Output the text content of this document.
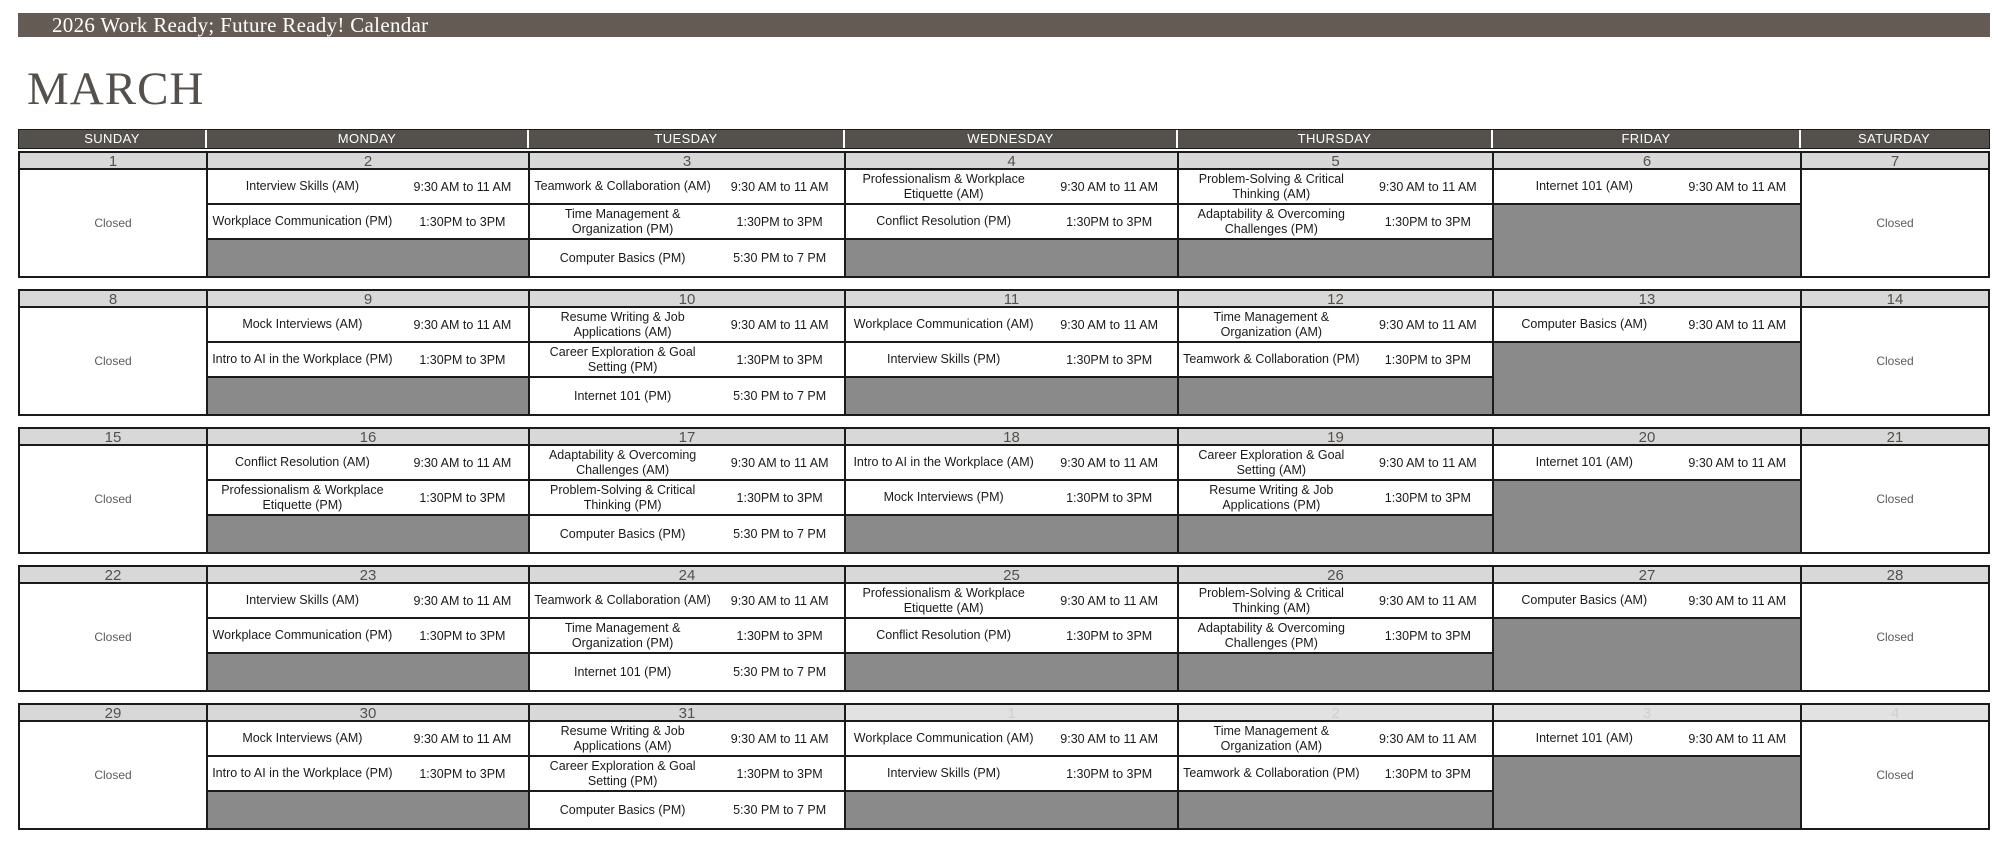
2026 Work Ready; Future Ready! Calendar
MARCH
SUNDAY	MONDAY	TUESDAY	WEDNESDAY	THURSDAY	FRIDAY	SATURDAY
1
Closed
2
Interview Skills (AM)	9:30 AM to 11 AM
Workplace Communication (PM)	1:30PM to 3PM
3
Teamwork & Collaboration (AM)	9:30 AM to 11 AM
Time Management & Organization (PM)	1:30PM to 3PM
Computer Basics (PM)	5:30 PM to 7 PM
4
Professionalism & Workplace Etiquette (AM)	9:30 AM to 11 AM
Conflict Resolution (PM)	1:30PM to 3PM
5
Problem-Solving & Critical Thinking (AM)	9:30 AM to 11 AM
Adaptability & Overcoming Challenges (PM)	1:30PM to 3PM
6
Internet 101 (AM)	9:30 AM to 11 AM
7
Closed
8
Closed
9
Mock Interviews (AM)	9:30 AM to 11 AM
Intro to AI in the Workplace (PM)	1:30PM to 3PM
10
Resume Writing & Job Applications (AM)	9:30 AM to 11 AM
Career Exploration & Goal Setting (PM)	1:30PM to 3PM
Internet 101 (PM)	5:30 PM to 7 PM
11
Workplace Communication (AM)	9:30 AM to 11 AM
Interview Skills (PM)	1:30PM to 3PM
12
Time Management & Organization (AM)	9:30 AM to 11 AM
Teamwork & Collaboration (PM)	1:30PM to 3PM
13
Computer Basics (AM)	9:30 AM to 11 AM
14
Closed
15
Closed
16
Conflict Resolution (AM)	9:30 AM to 11 AM
Professionalism & Workplace Etiquette (PM)	1:30PM to 3PM
17
Adaptability & Overcoming Challenges (AM)	9:30 AM to 11 AM
Problem-Solving & Critical Thinking (PM)	1:30PM to 3PM
Computer Basics (PM)	5:30 PM to 7 PM
18
Intro to AI in the Workplace (AM)	9:30 AM to 11 AM
Mock Interviews (PM)	1:30PM to 3PM
19
Career Exploration & Goal Setting (AM)	9:30 AM to 11 AM
Resume Writing & Job Applications (PM)	1:30PM to 3PM
20
Internet 101 (AM)	9:30 AM to 11 AM
21
Closed
22
Closed
23
Interview Skills (AM)	9:30 AM to 11 AM
Workplace Communication (PM)	1:30PM to 3PM
24
Teamwork & Collaboration (AM)	9:30 AM to 11 AM
Time Management & Organization (PM)	1:30PM to 3PM
Internet 101 (PM)	5:30 PM to 7 PM
25
Professionalism & Workplace Etiquette (AM)	9:30 AM to 11 AM
Conflict Resolution (PM)	1:30PM to 3PM
26
Problem-Solving & Critical Thinking (AM)	9:30 AM to 11 AM
Adaptability & Overcoming Challenges (PM)	1:30PM to 3PM
27
Computer Basics (AM)	9:30 AM to 11 AM
28
Closed
29
Closed
30
Mock Interviews (AM)	9:30 AM to 11 AM
Intro to AI in the Workplace (PM)	1:30PM to 3PM
31
Resume Writing & Job Applications (AM)	9:30 AM to 11 AM
Career Exploration & Goal Setting (PM)	1:30PM to 3PM
Computer Basics (PM)	5:30 PM to 7 PM
1
Workplace Communication (AM)	9:30 AM to 11 AM
Interview Skills (PM)	1:30PM to 3PM
2
Time Management & Organization (AM)	9:30 AM to 11 AM
Teamwork & Collaboration (PM)	1:30PM to 3PM
3
Internet 101 (AM)	9:30 AM to 11 AM
4
Closed
